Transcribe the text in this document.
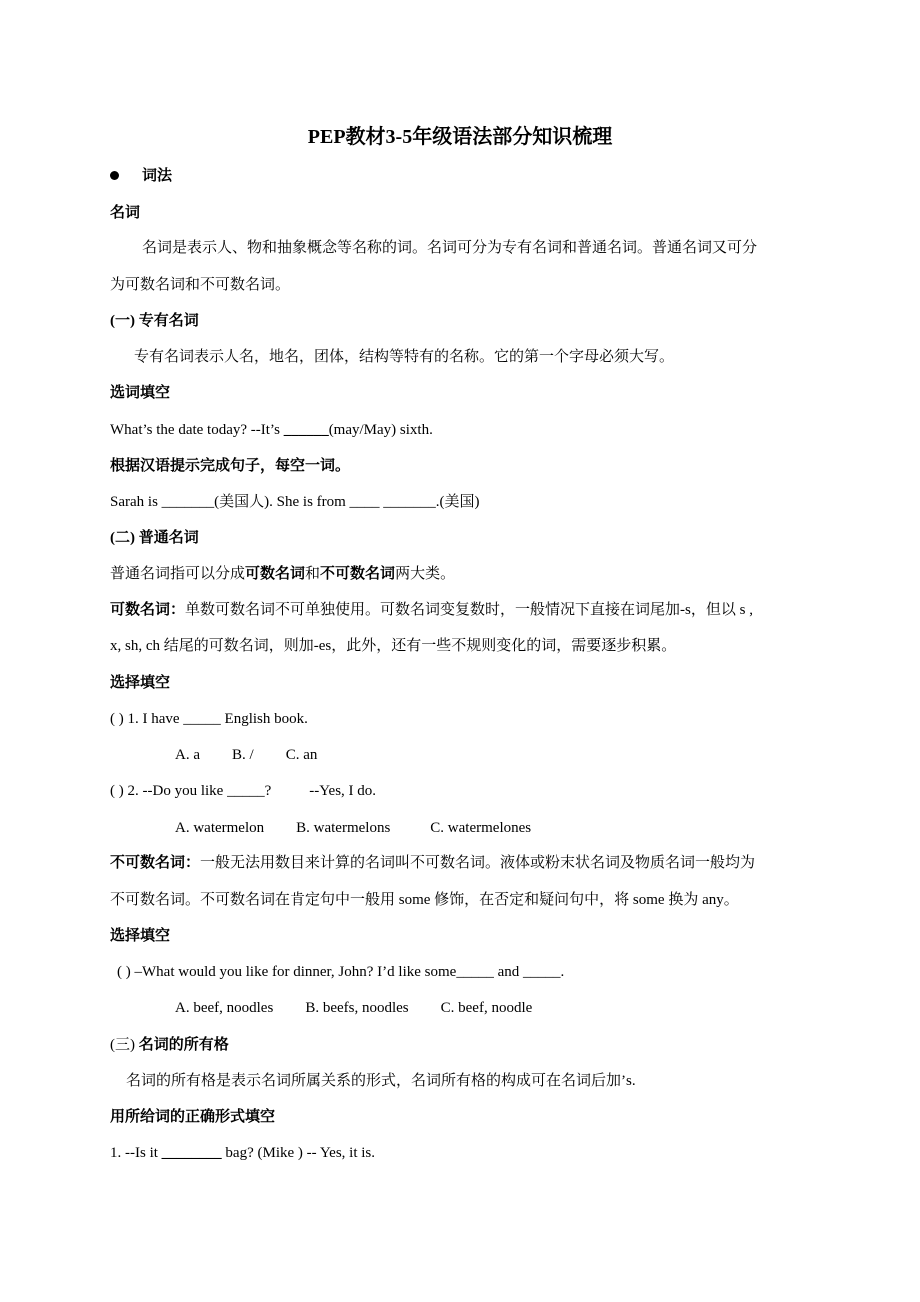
PEP教材3-5年级语法部分知识梳理
词法
名词
名词是表示人、物和抽象概念等名称的词。名词可分为专有名词和普通名词。普通名词又可分
为可数名词和不可数名词。
(一) 专有名词
专有名词表示人名，地名，团体，结构等特有的名称。它的第一个字母必须大写。
选词填空
What’s the date today? --It’s ______(may/May) sixth.
根据汉语提示完成句子，每空一词。
Sarah is _______(美国人). She is from ____ _______.(美国)
(二) 普通名词
普通名词指可以分成可数名词和不可数名词两大类。
可数名词：单数可数名词不可单独使用。可数名词变复数时，一般情况下直接在词尾加-s，但以 s ,
x, sh, ch 结尾的可数名词，则加-es，此外，还有一些不规则变化的词，需要逐步积累。
选择填空
( ) 1. I have _____ English book.
A. a B. / C. an
( ) 2. --Do you like _____?	--Yes, I do.
A. watermelon B. watermelons	C. watermelones
不可数名词：一般无法用数目来计算的名词叫不可数名词。液体或粉末状名词及物质名词一般均为
不可数名词。不可数名词在肯定句中一般用 some 修饰，在否定和疑问句中，将 some 换为 any。
选择填空
( ) –What would you like for dinner, John? I’d like some_____ and _____.
A. beef, noodles B. beefs, noodles C. beef, noodle
(三) 名词的所有格
名词的所有格是表示名词所属关系的形式，名词所有格的构成可在名词后加’s.
用所给词的正确形式填空
1. --Is it ________ bag? (Mike ) -- Yes, it is.
